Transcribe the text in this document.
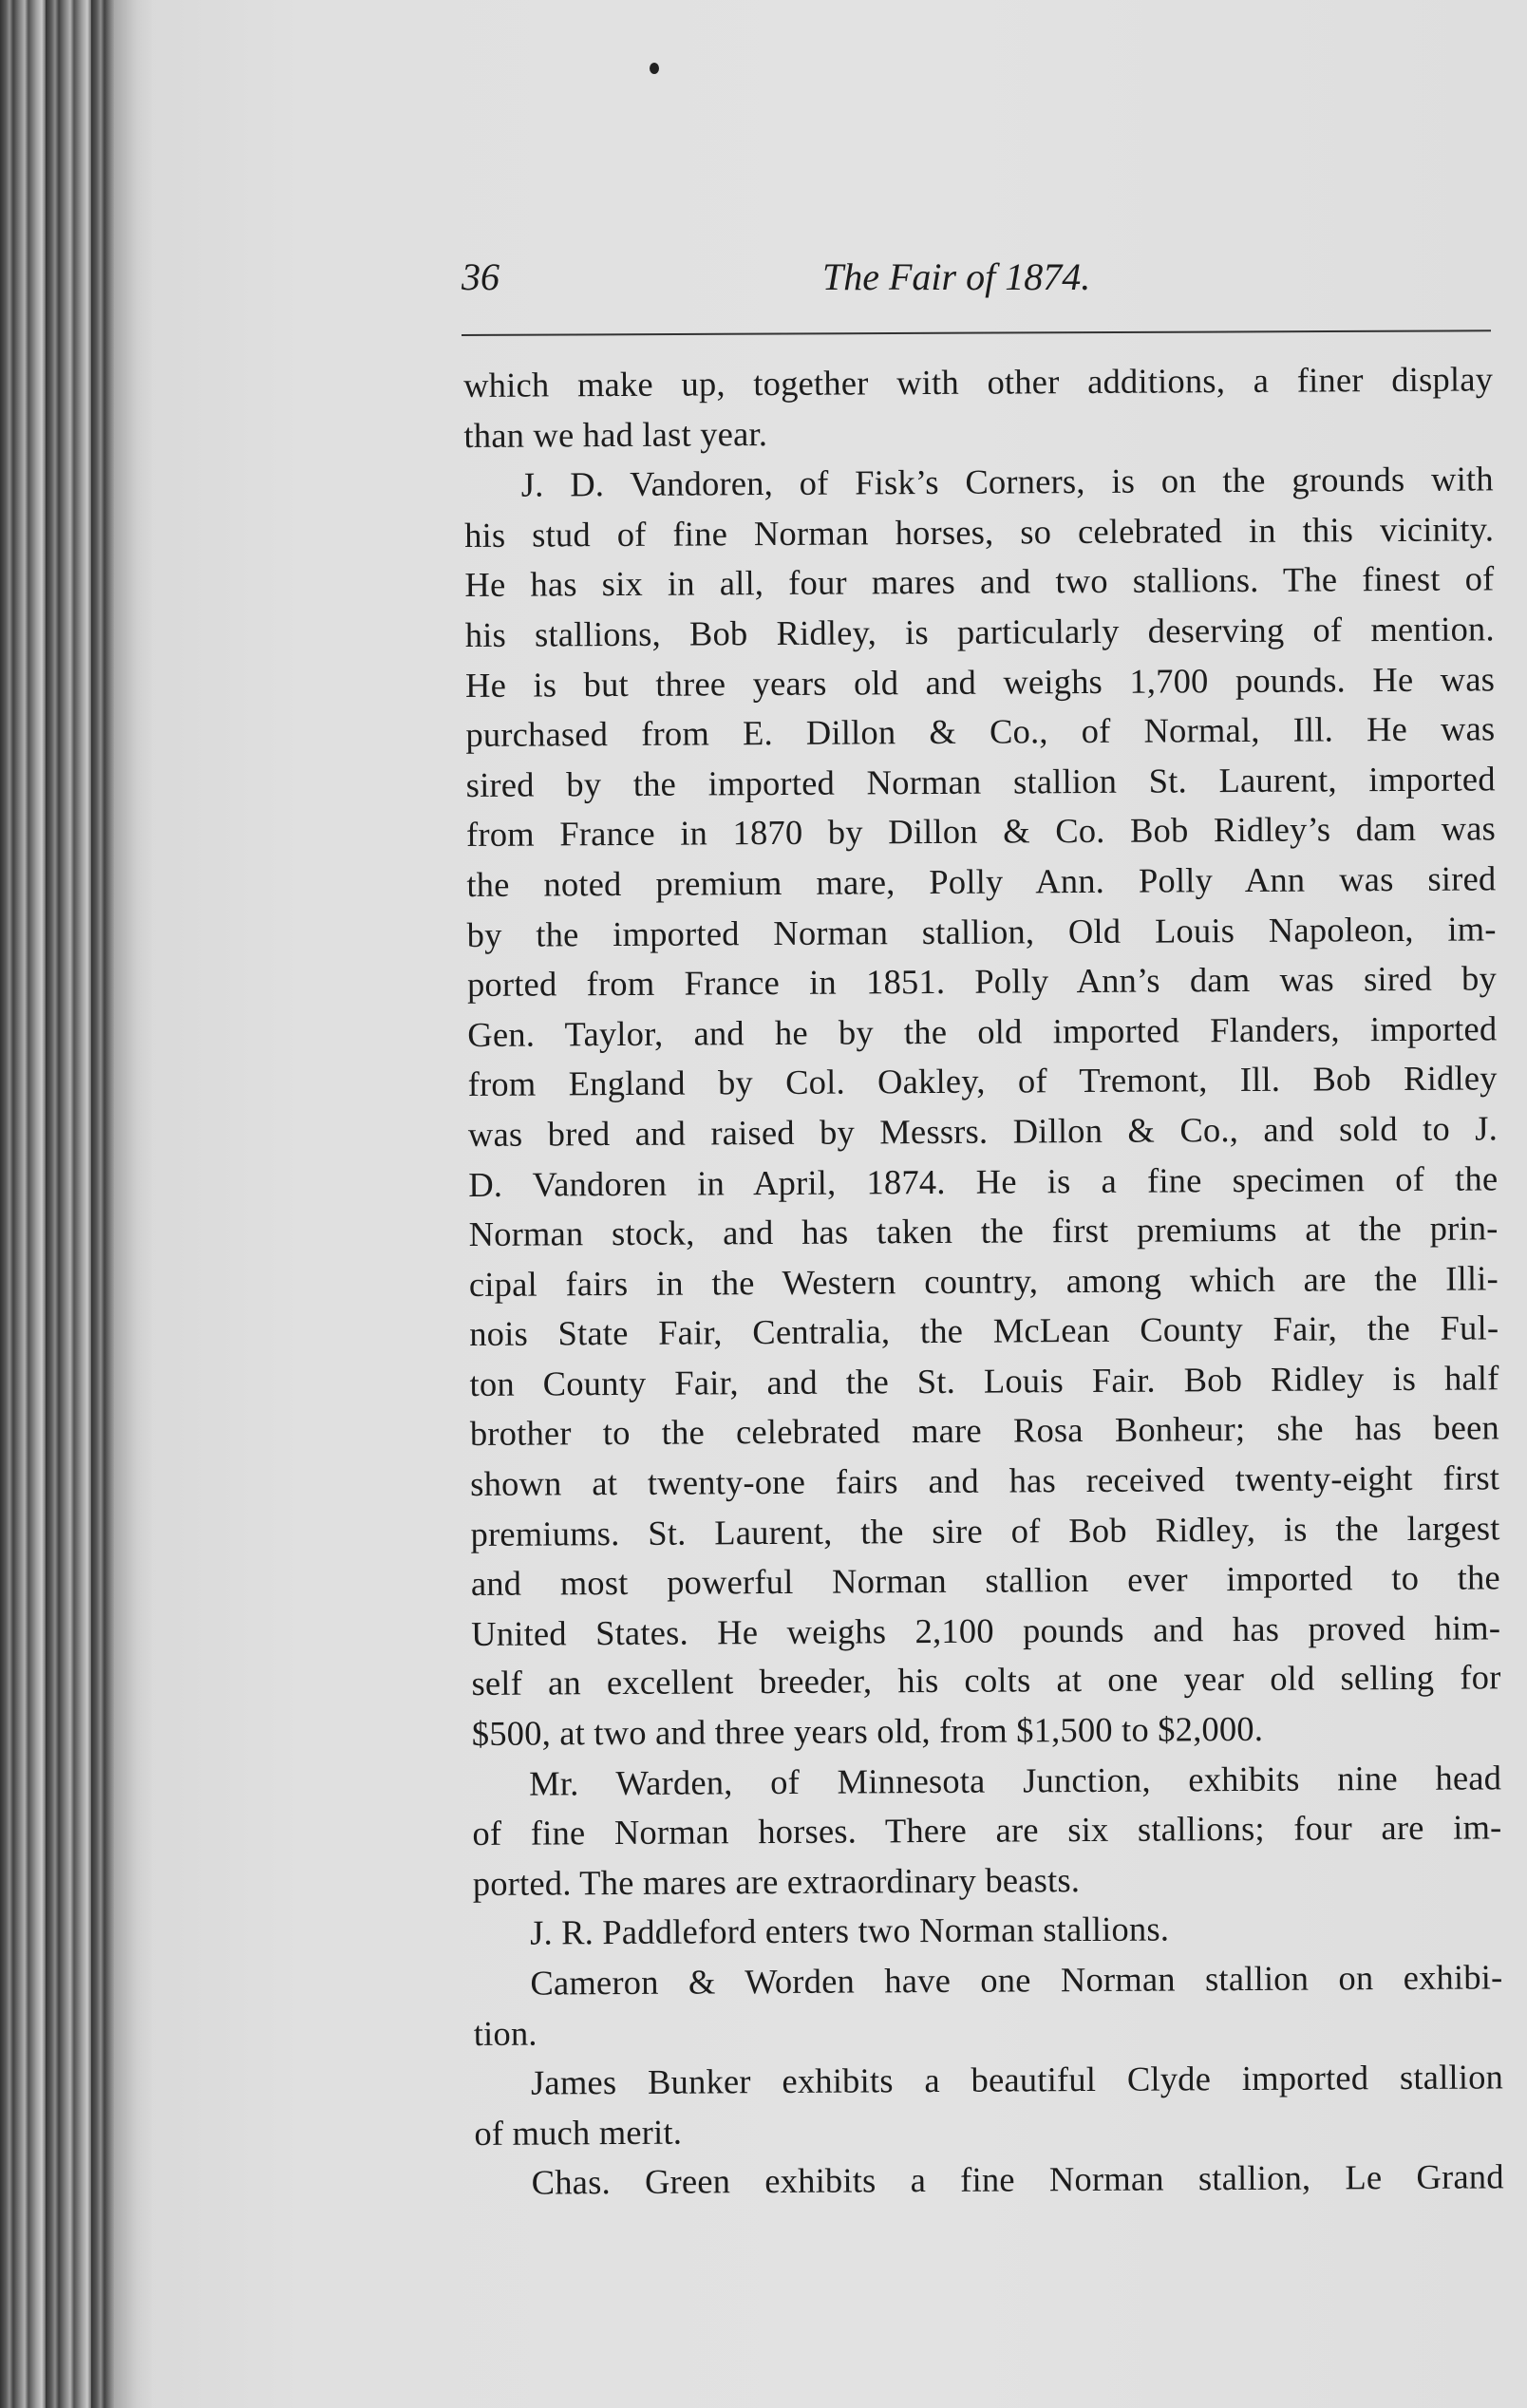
36	The Fair of 1874.
which make up, together with other additions, a finer display
than we had last year.
J. D. Vandoren, of Fisk’s Corners, is on the grounds with
his stud of fine Norman horses, so celebrated in this vicinity.
He has six in all, four mares and two stallions. The finest of
his stallions, Bob Ridley, is particularly deserving of mention.
He is but three years old and weighs 1,700 pounds. He was
purchased from E. Dillon & Co., of Normal, Ill. He was
sired by the imported Norman stallion St. Laurent, imported
from France in 1870 by Dillon & Co. Bob Ridley’s dam was
the noted premium mare, Polly Ann. Polly Ann was sired
by the imported Norman stallion, Old Louis Napoleon, im-
ported from France in 1851. Polly Ann’s dam was sired by
Gen. Taylor, and he by the old imported Flanders, imported
from England by Col. Oakley, of Tremont, Ill. Bob Ridley
was bred and raised by Messrs. Dillon & Co., and sold to J.
D. Vandoren in April, 1874. He is a fine specimen of the
Norman stock, and has taken the first premiums at the prin-
cipal fairs in the Western country, among which are the Illi-
nois State Fair, Centralia, the McLean County Fair, the Ful-
ton County Fair, and the St. Louis Fair. Bob Ridley is half
brother to the celebrated mare Rosa Bonheur; she has been
shown at twenty-one fairs and has received twenty-eight first
premiums. St. Laurent, the sire of Bob Ridley, is the largest
and most powerful Norman stallion ever imported to the
United States. He weighs 2,100 pounds and has proved him-
self an excellent breeder, his colts at one year old selling for
$500, at two and three years old, from $1,500 to $2,000.
Mr. Warden, of Minnesota Junction, exhibits nine head
of fine Norman horses. There are six stallions; four are im-
ported. The mares are extraordinary beasts.
J. R. Paddleford enters two Norman stallions.
Cameron & Worden have one Norman stallion on exhibi-
tion.
James Bunker exhibits a beautiful Clyde imported stallion
of much merit.
Chas. Green exhibits a fine Norman stallion, Le Grand
